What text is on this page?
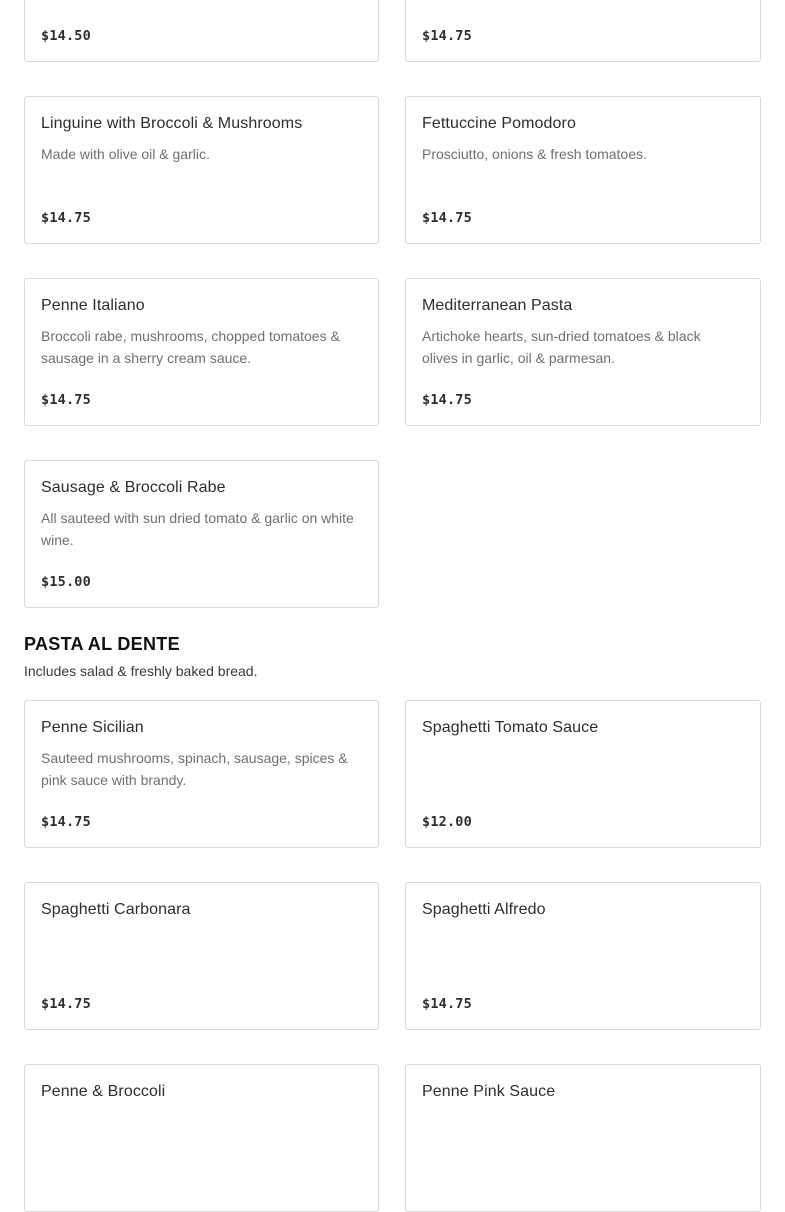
$14.50	$14.75
Linguine with Broccoli & Mushrooms
Made with olive oil & garlic.
$14.75
Fettuccine Pomodoro
Prosciutto, onions & fresh tomatoes.
$14.75
Penne Italiano
Broccoli rabe, mushrooms, chopped tomatoes & sausage in a sherry cream sauce.
$14.75
Mediterranean Pasta
Artichoke hearts, sun-dried tomatoes & black olives in garlic, oil & parmesan.
$14.75
Sausage & Broccoli Rabe
All sauteed with sun dried tomato & garlic on white wine.
$15.00
PASTA AL DENTE
Includes salad & freshly baked bread.
Penne Sicilian
Sauteed mushrooms, spinach, sausage, spices & pink sauce with brandy.
$14.75
Spaghetti Tomato Sauce
$12.00
Spaghetti Carbonara
$14.75
Spaghetti Alfredo
$14.75
Penne & Broccoli	Penne Pink Sauce
